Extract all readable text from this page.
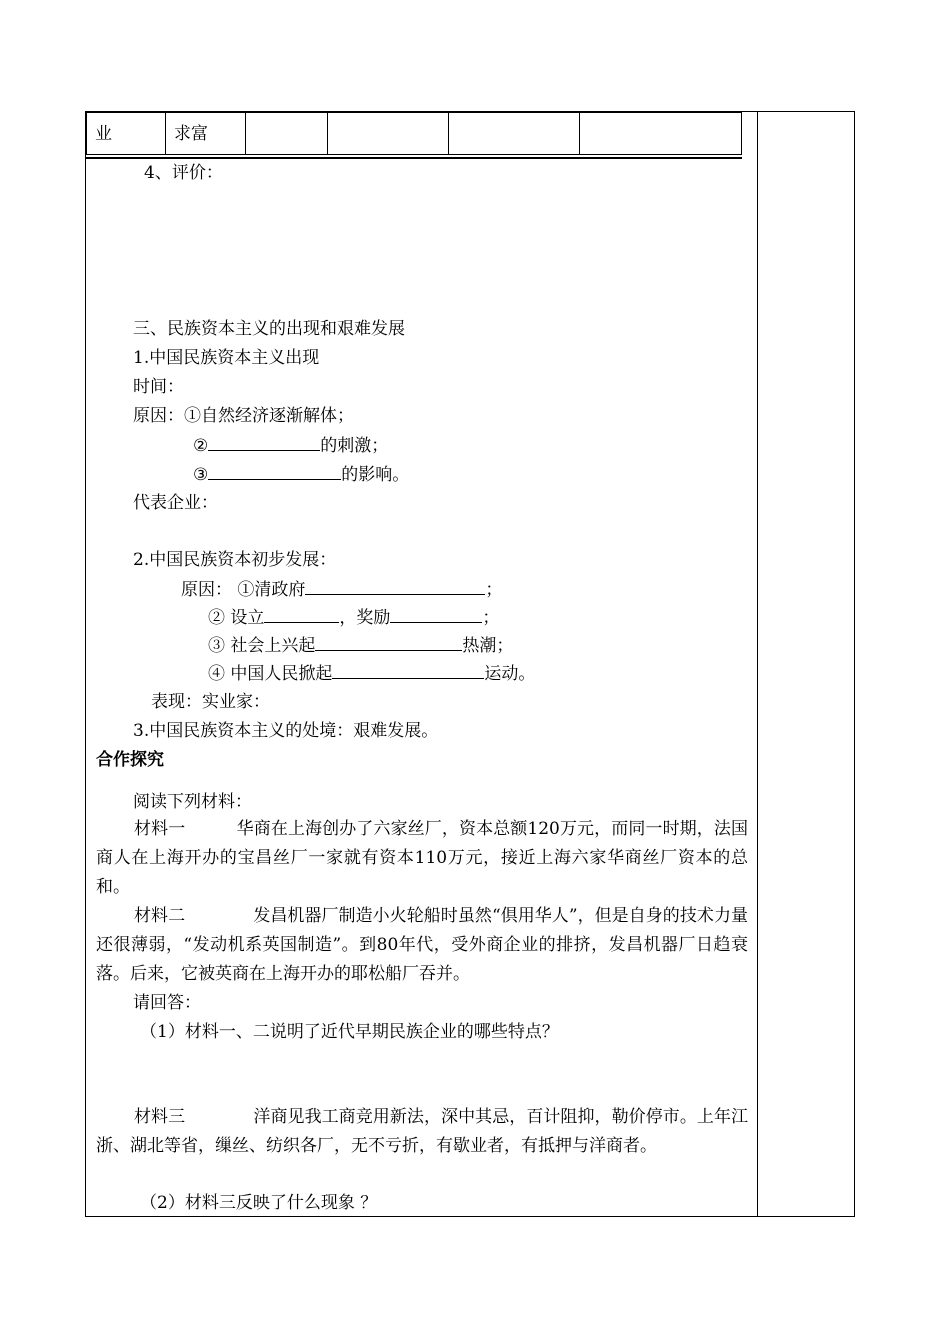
业	求富				
4、评价：
三、民族资本主义的出现和艰难发展
1.中国民族资本主义出现
时间：
原因：①自然经济逐渐解体；
②	的刺激；
③	的影响。
代表企业：
2.中国民族资本初步发展：
原因： ①清政府	；
② 设立	，奖励	；
③ 社会上兴起	热潮；
④ 中国人民掀起	运动。
表现：实业家：
3.中国民族资本主义的处境：艰难发展。
合作探究
阅读下列材料：
材料一　　　华商在上海创办了六家丝厂，资本总额120万元，而同一时期，法国商人在上海开办的宝昌丝厂一家就有资本110万元，接近上海六家华商丝厂资本的总和。
材料二　　　　发昌机器厂制造小火轮船时虽然“倶用华人”，但是自身的技术力量还很薄弱，“发动机系英国制造”。到80年代，受外商企业的排挤，发昌机器厂日趋衰落。后来，它被英商在上海开办的耶松船厂吞并。
请回答：
（1）材料一、二说明了近代早期民族企业的哪些特点？
材料三　　　　洋商见我工商竞用新法，深中其忌，百计阻抑，勒价停市。上年江浙、湖北等省，缫丝、纺织各厂，无不亏折，有歇业者，有抵押与洋商者。
（2）材料三反映了什么现象 ？
